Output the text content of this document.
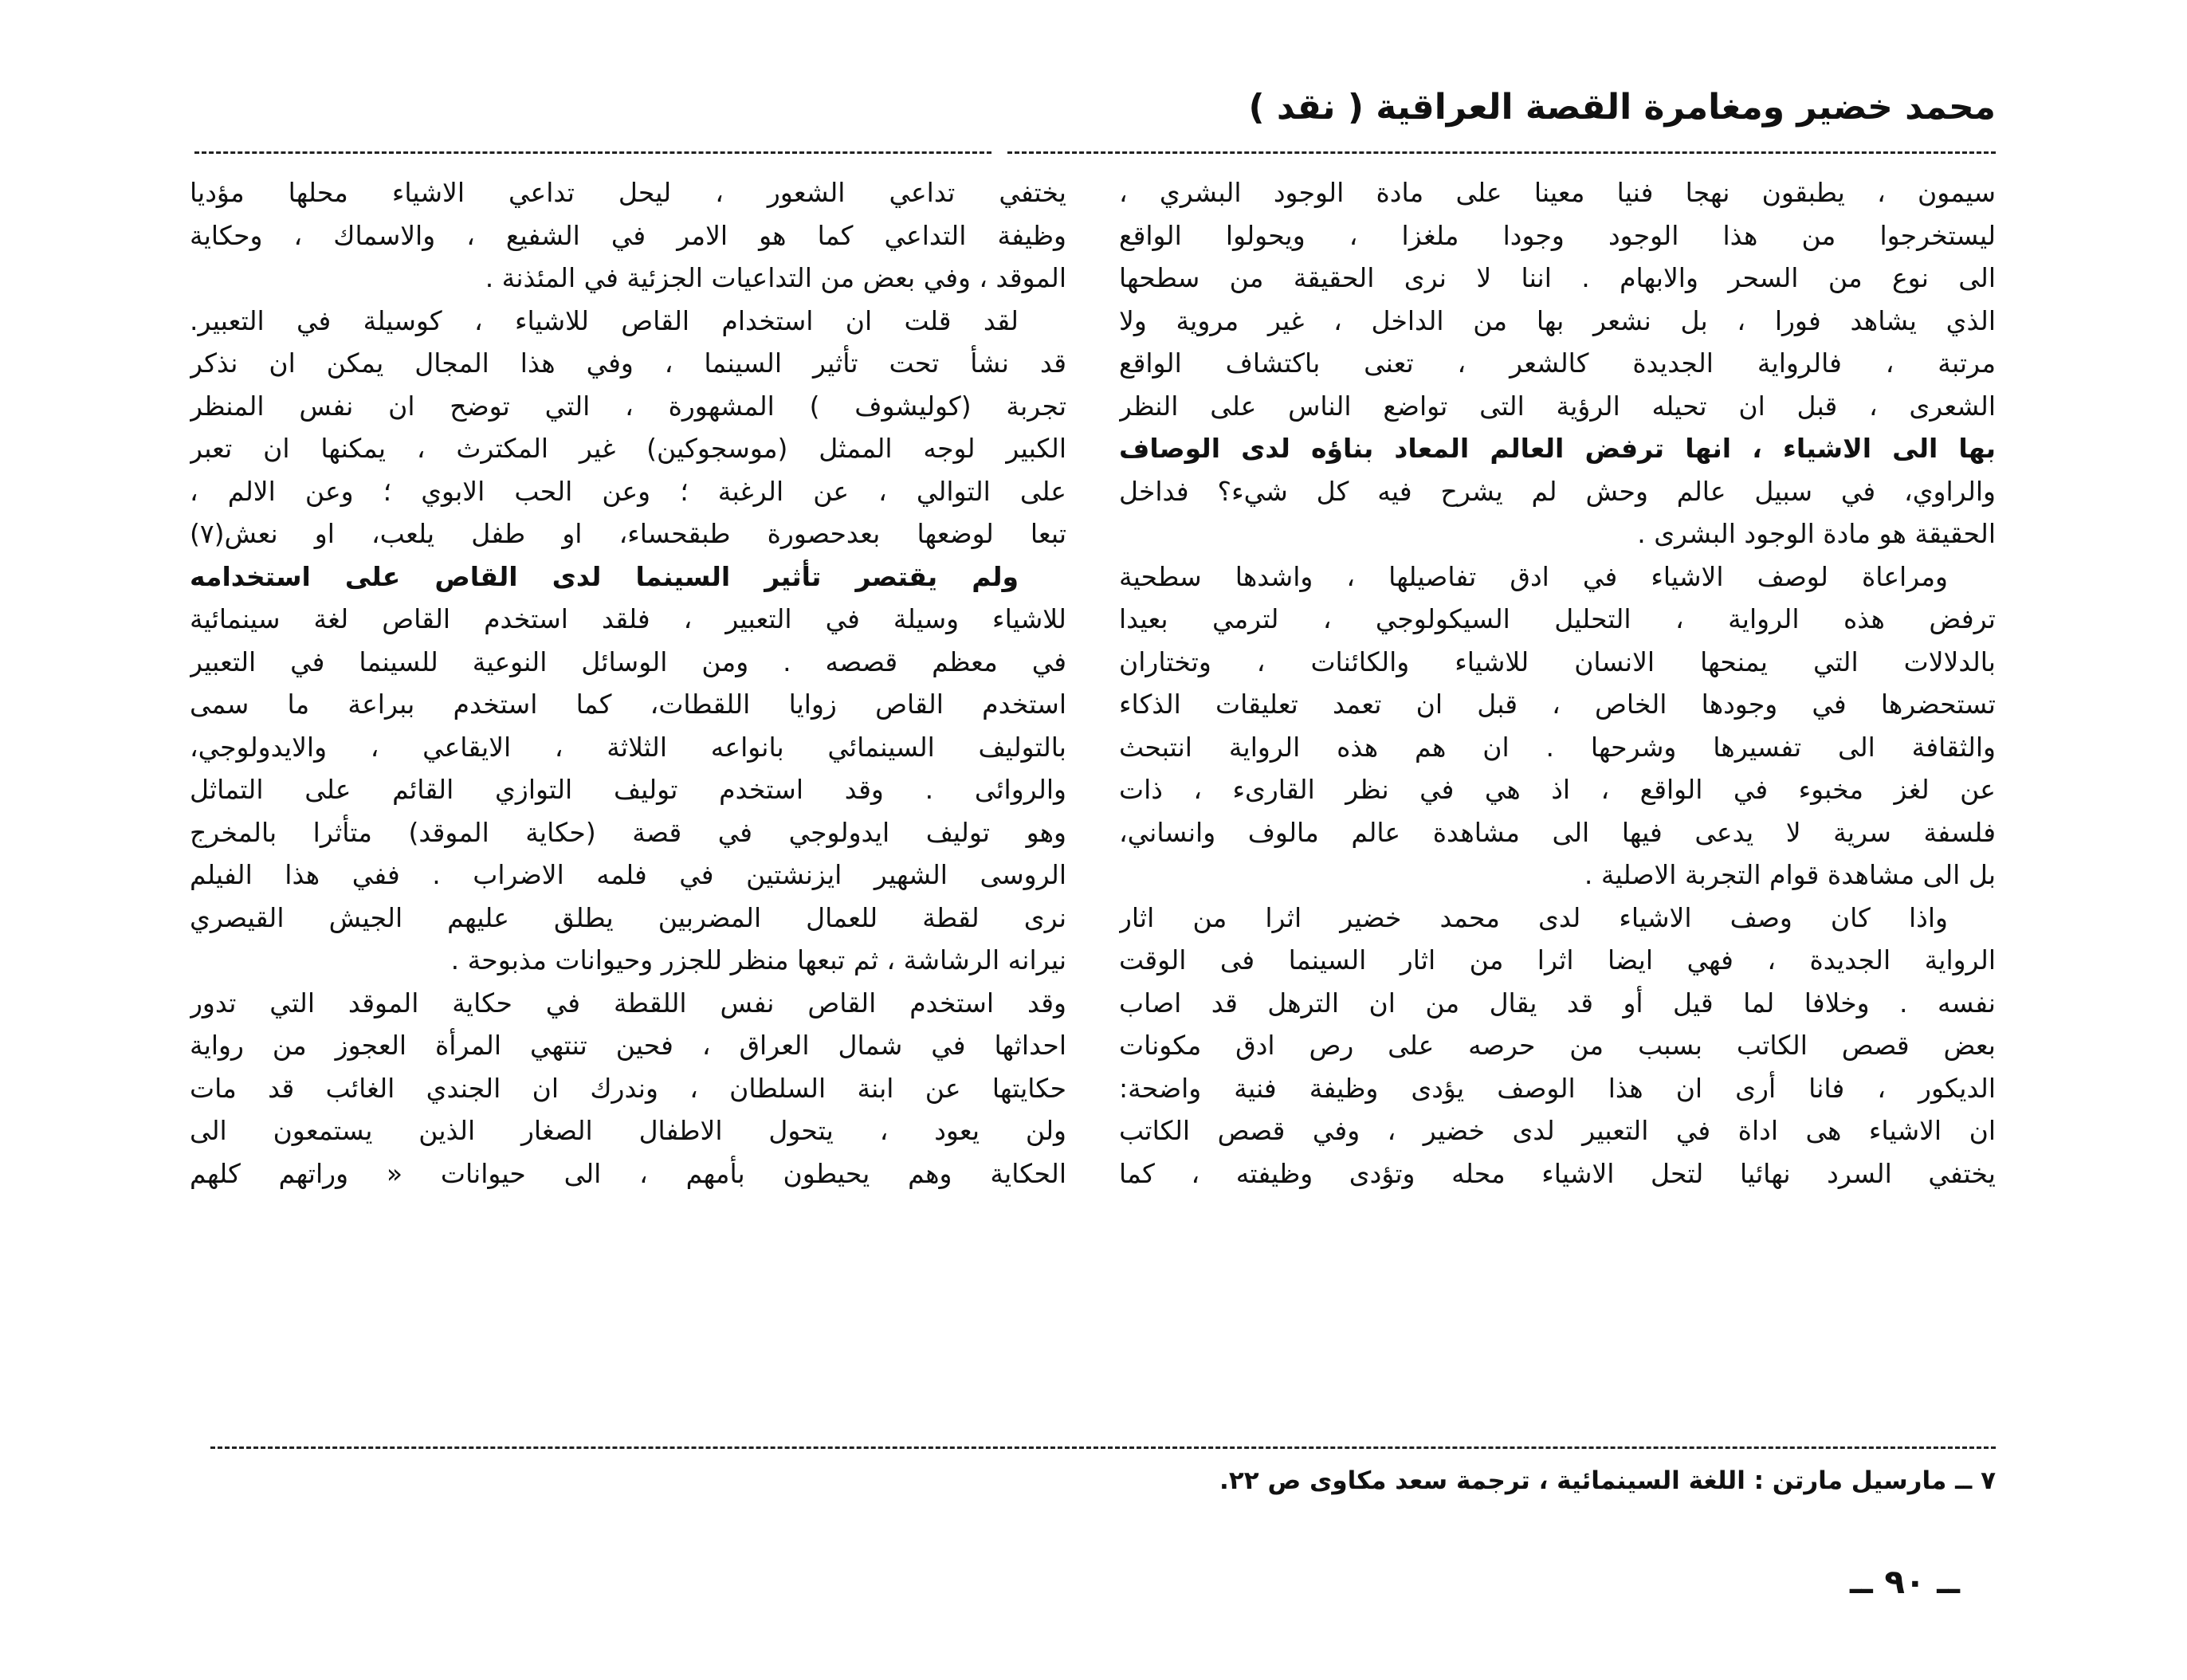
محمد خضير ومغامرة القصة العراقية ( نقد )
سيمون ، يطبقون نهجا فنيا معينا على مادة الوجود البشري ،
ليستخرجوا من هذا الوجود وجودا ملغزا ، ويحولوا الواقع
الى نوع من السحر والابهام . اننا لا نرى الحقيقة من سطحها
الذي يشاهد فورا ، بل نشعر بها من الداخل ، غير مروية ولا
مرتبة ، فالرواية الجديدة كالشعر ، تعنى باكتشاف الواقع
الشعرى ، قبل ان تحيله الرؤية التى تواضع الناس على النظر
بها الى الاشياء ، انها ترفض العالم المعاد بناؤه لدى الوصاف
والراوي، في سبيل عالم وحش لم يشرح فيه كل شيء؟ فداخل
الحقيقة هو مادة الوجود البشرى .
ومراعاة لوصف الاشياء في ادق تفاصيلها ، واشدها سطحية
ترفض هذه الرواية ، التحليل السيكولوجي ، لترمي بعيدا
بالدلالات التي يمنحها الانسان للاشياء والكائنات ، وتختاران
تستحضرها في وجودها الخاص ، قبل ان تعمد تعليقات الذكاء
والثقافة الى تفسيرها وشرحها . ان هم هذه الرواية انتبحث
عن لغز مخبوء في الواقع ، اذ هي في نظر القارىء ، ذات
فلسفة سرية لا يدعى فيها الى مشاهدة عالم مالوف وانساني،
بل الى مشاهدة قوام التجربة الاصلية .
واذا كان وصف الاشياء لدى محمد خضير اثرا من اثار
الرواية الجديدة ، فهي ايضا اثرا من اثار السينما فى الوقت
نفسه . وخلافا لما قيل أو قد يقال من ان الترهل قد اصاب
بعض قصص الكاتب بسبب من حرصه على رص ادق مكونات
الديكور ، فانا أرى ان هذا الوصف يؤدى وظيفة فنية واضحة:
ان الاشياء هى اداة في التعبير لدى خضير ، وفي قصص الكاتب
يختفي السرد نهائيا لتحل الاشياء محله وتؤدى وظيفته ، كما
يختفي تداعي الشعور ، ليحل تداعي الاشياء محلها مؤديا
وظيفة التداعي كما هو الامر في الشفيع ، والاسماك ، وحكاية
الموقد ، وفي بعض من التداعيات الجزئية في المئذنة .
لقد قلت ان استخدام القاص للاشياء ، كوسيلة في التعبير.
قد نشأ تحت تأثير السينما ، وفي هذا المجال يمكن ان نذكر
تجربة (كوليشوف ) المشهورة ، التي توضح ان نفس المنظر
الكبير لوجه الممثل (موسجوكين) غير المكترث ، يمكنها ان تعبر
على التوالي ، عن الرغبة ؛ وعن الحب الابوي ؛ وعن الالم ،
تبعا لوضعها بعدحصورة طبقحساء، او طفل يلعب، او نعش(٧)
ولم يقتصر تأثير السينما لدى القاص على استخدامه
للاشياء وسيلة في التعبير ، فلقد استخدم القاص لغة سينمائية
في معظم قصصه . ومن الوسائل النوعية للسينما في التعبير
استخدم القاص زوايا اللقطات، كما استخدم ببراعة ما سمى
بالتوليف السينمائي بانواعه الثلاثة ، الايقاعي ، والايدولوجي،
والروائى . وقد استخدم توليف التوازي القائم على التماثل
وهو توليف ايدولوجي في قصة (حكاية الموقد) متأثرا بالمخرج
الروسى الشهير ايزنشتين في فلمه الاضراب . ففي هذا الفيلم
نرى لقطة للعمال المضربين يطلق عليهم الجيش القيصري
نيرانه الرشاشة ، ثم تبعها منظر للجزر وحيوانات مذبوحة .
وقد استخدم القاص نفس اللقطة في حكاية الموقد التي تدور
احداثها في شمال العراق ، فحين تنتهي المرأة العجوز من رواية
حكايتها عن ابنة السلطان ، وندرك ان الجندي الغائب قد مات
ولن يعود ، يتحول الاطفال الصغار الذين يستمعون الى
الحكاية وهم يحيطون بأمهم ، الى حيوانات « وراتهم كلهم
٧ ــ مارسيل مارتن : اللغة السينمائية ، ترجمة سعد مكاوى ص ٢٢.
ــ ٩٠ ــ
